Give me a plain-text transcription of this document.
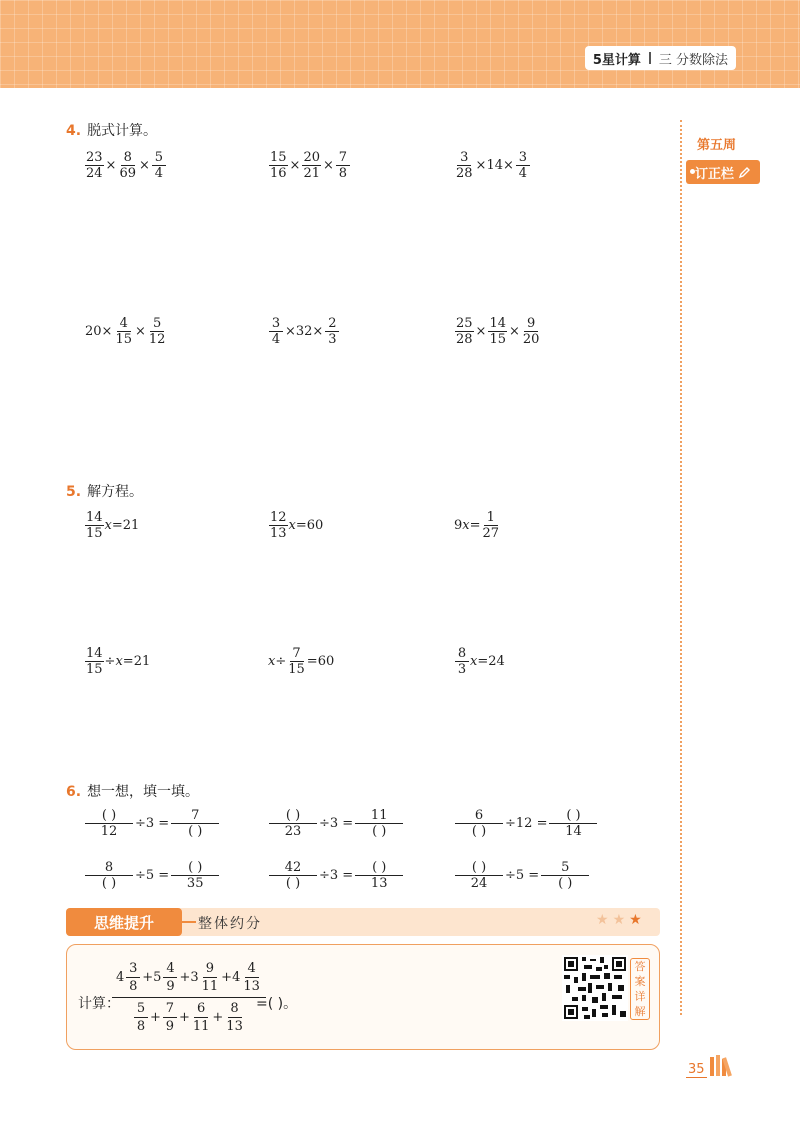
5星计算 三 分数除法
第五周
订正栏
4. 脱式计算。
$\frac{23}{24} \times \frac{8}{69} \times \frac{5}{4}$	$\frac{15}{16} \times \frac{20}{21} \times \frac{7}{8}$	$\frac{3}{28} \times 14\times \frac{3}{4}$
$20\times \frac{4}{15} \times \frac{5}{12}$	$\frac{3}{4} \times 32\times \frac{2}{3}$	$\frac{25}{28} \times \frac{14}{15} \times \frac{9}{20}$
5. 解方程。
$\frac{14}{15}$ x =21	$\frac{12}{13}$ x =60	9 $x = \frac{1}{27}$
$\frac{14}{15} \div x =21$	$x \div \frac{7}{15} =60$	$\frac{8}{3}$ x =24
6. 想一想，填一填。
$\frac{( )}{12} \div 3 = \frac{7}{( )}$	$\frac{( )}{23} \div 3 = \frac{11}{( )}$	$\frac{6}{( )} \div 12 = \frac{( )}{14}$
$\frac{8}{( )} \div 5 = \frac{( )}{35}$	$\frac{42}{( )} \div 3 = \frac{( )}{13}$	$\frac{( )}{24} \div 5 = \frac{5}{( )}$
思维提升	整体约分	★★★
计算：
$\frac{4 \frac{3}{8} +5 \frac{4}{9} +3 \frac{9}{11} +4 \frac{4}{13}}{\frac{5}{8} + \frac{7}{9} + \frac{6}{11} + \frac{8}{13}}$
=( )。
答
案
详
解
35
